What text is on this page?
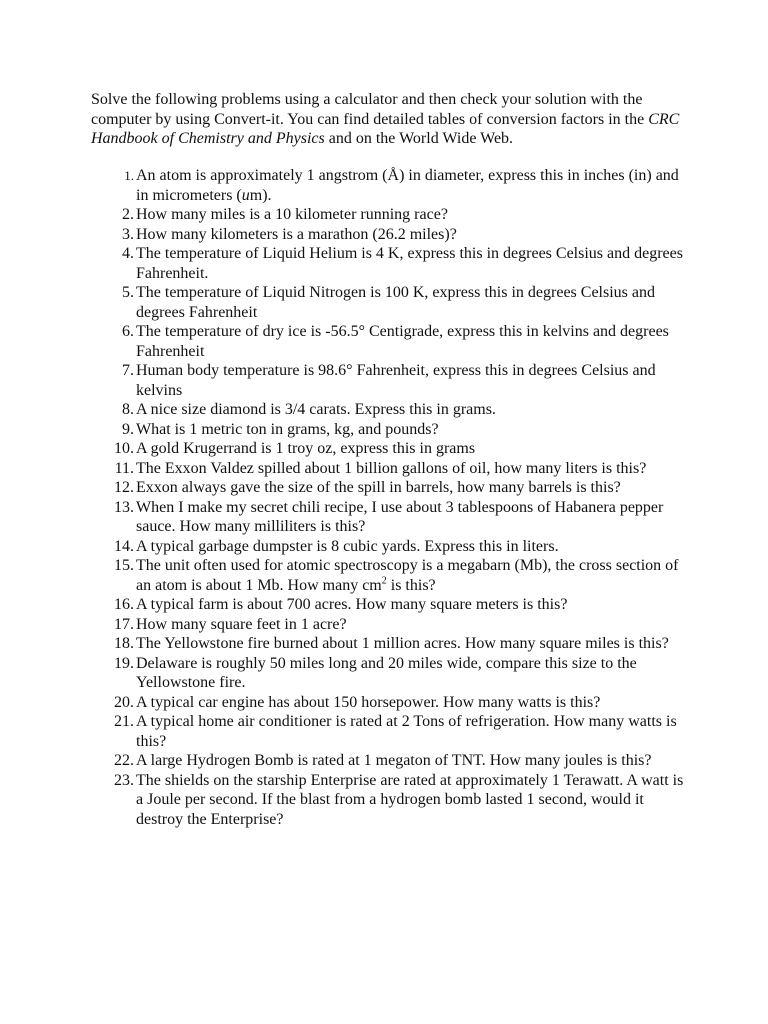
Solve the following problems using a calculator and then check your solution with the computer by using Convert-it. You can find detailed tables of conversion factors in the CRC Handbook of Chemistry and Physics and on the World Wide Web.

1. An atom is approximately 1 angstrom (Å) in diameter, express this in inches (in) and in micrometers (um).
2. How many miles is a 10 kilometer running race?
3. How many kilometers is a marathon (26.2 miles)?
4. The temperature of Liquid Helium is 4 K, express this in degrees Celsius and degrees Fahrenheit.
5. The temperature of Liquid Nitrogen is 100 K, express this in degrees Celsius and degrees Fahrenheit
6. The temperature of dry ice is -56.5° Centigrade, express this in kelvins and degrees Fahrenheit
7. Human body temperature is 98.6° Fahrenheit, express this in degrees Celsius and kelvins
8. A nice size diamond is 3/4 carats. Express this in grams.
9. What is 1 metric ton in grams, kg, and pounds?
10. A gold Krugerrand is 1 troy oz, express this in grams
11. The Exxon Valdez spilled about 1 billion gallons of oil, how many liters is this?
12. Exxon always gave the size of the spill in barrels, how many barrels is this?
13. When I make my secret chili recipe, I use about 3 tablespoons of Habanera pepper sauce. How many milliliters is this?
14. A typical garbage dumpster is 8 cubic yards. Express this in liters.
15. The unit often used for atomic spectroscopy is a megabarn (Mb), the cross section of an atom is about 1 Mb. How many $cm^2$ is this?
16. A typical farm is about 700 acres. How many square meters is this?
17. How many square feet in 1 acre?
18. The Yellowstone fire burned about 1 million acres. How many square miles is this?
19. Delaware is roughly 50 miles long and 20 miles wide, compare this size to the Yellowstone fire.
20. A typical car engine has about 150 horsepower. How many watts is this?
21. A typical home air conditioner is rated at 2 Tons of refrigeration. How many watts is this?
22. A large Hydrogen Bomb is rated at 1 megaton of TNT. How many joules is this?
23. The shields on the starship Enterprise are rated at approximately 1 Terawatt. A watt is a Joule per second. If the blast from a hydrogen bomb lasted 1 second, would it destroy the Enterprise?
